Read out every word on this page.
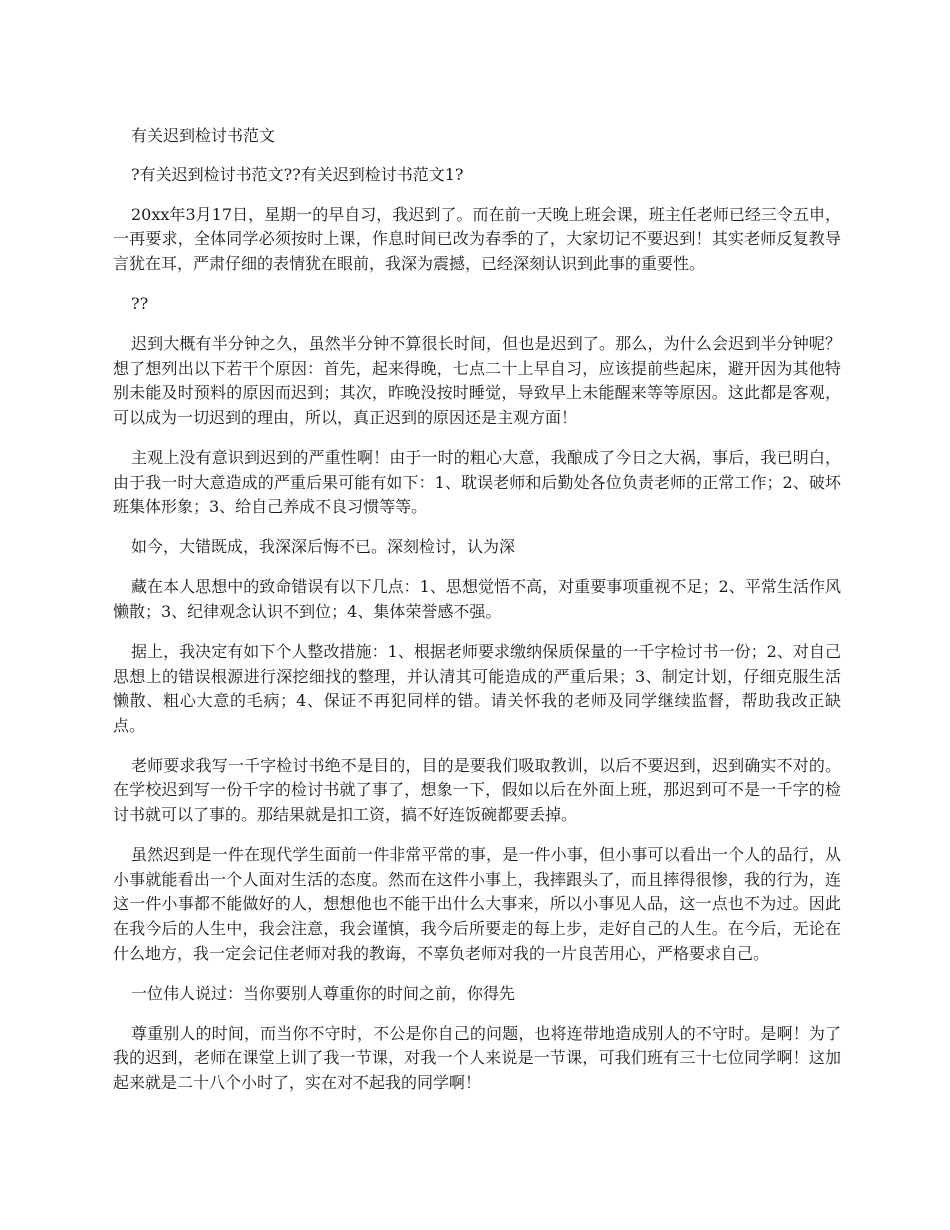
有关迟到检讨书范文

?有关迟到检讨书范文??有关迟到检讨书范文1?

20xx年3月17日，星期一的早自习，我迟到了。而在前一天晚上班会课，班主任老师已经三令五申，一再要求，全体同学必须按时上课，作息时间已改为春季的了，大家切记不要迟到！其实老师反复教导言犹在耳，严肃仔细的表情犹在眼前，我深为震撼，已经深刻认识到此事的重要性。

??

迟到大概有半分钟之久，虽然半分钟不算很长时间，但也是迟到了。那么，为什么会迟到半分钟呢？想了想列出以下若干个原因：首先，起来得晚，七点二十上早自习，应该提前些起床，避开因为其他特别未能及时预料的原因而迟到；其次，昨晚没按时睡觉，导致早上未能醒来等等原因。这此都是客观，可以成为一切迟到的理由，所以，真正迟到的原因还是主观方面！

主观上没有意识到迟到的严重性啊！由于一时的粗心大意，我酿成了今日之大祸，事后，我已明白，由于我一时大意造成的严重后果可能有如下：1、耽误老师和后勤处各位负责老师的正常工作；2、破坏班集体形象；3、给自己养成不良习惯等等。

如今，大错既成，我深深后悔不已。深刻检讨，认为深

藏在本人思想中的致命错误有以下几点：1、思想觉悟不高，对重要事项重视不足；2、平常生活作风懒散；3、纪律观念认识不到位；4、集体荣誉感不强。

据上，我决定有如下个人整改措施：1、根据老师要求缴纳保质保量的一千字检讨书一份；2、对自己思想上的错误根源进行深挖细找的整理，并认清其可能造成的严重后果；3、制定计划，仔细克服生活懒散、粗心大意的毛病；4、保证不再犯同样的错。请关怀我的老师及同学继续监督，帮助我改正缺点。

老师要求我写一千字检讨书绝不是目的，目的是要我们吸取教训，以后不要迟到，迟到确实不对的。在学校迟到写一份千字的检讨书就了事了，想象一下，假如以后在外面上班，那迟到可不是一千字的检讨书就可以了事的。那结果就是扣工资，搞不好连饭碗都要丢掉。

虽然迟到是一件在现代学生面前一件非常平常的事，是一件小事，但小事可以看出一个人的品行，从小事就能看出一个人面对生活的态度。然而在这件小事上，我摔跟头了，而且摔得很惨，我的行为，连这一件小事都不能做好的人，想想他也不能干出什么大事来，所以小事见人品，这一点也不为过。因此在我今后的人生中，我会注意，我会谨慎，我今后所要走的每上步，走好自己的人生。在今后，无论在什么地方，我一定会记住老师对我的教诲，不辜负老师对我的一片良苦用心，严格要求自己。

一位伟人说过：当你要别人尊重你的时间之前，你得先

尊重别人的时间，而当你不守时，不公是你自己的问题，也将连带地造成别人的不守时。是啊！为了我的迟到，老师在课堂上训了我一节课，对我一个人来说是一节课，可我们班有三十七位同学啊！这加起来就是二十八个小时了，实在对不起我的同学啊！
